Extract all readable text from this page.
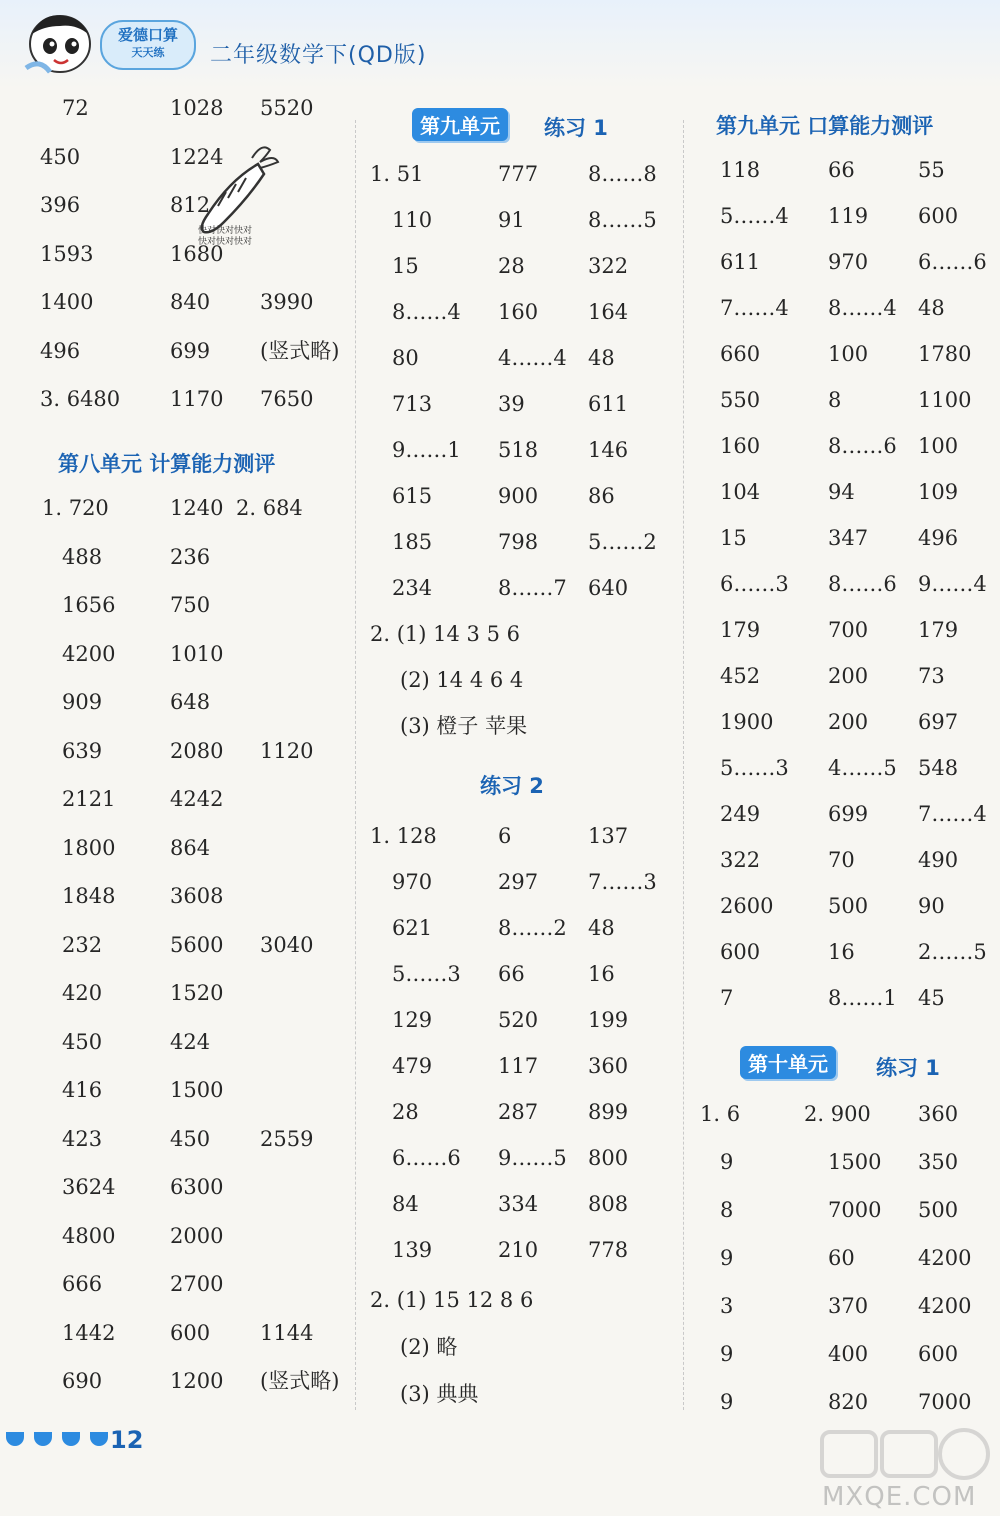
爱德口算
天天练	二年级数学下(QD版)
72	1028 5520
450	1224
396	812
1593	1680
1400	840 3990
496	699 (竖式略)
3. 6480 1170 7650
快对快对快对
快对快对快对
第八单元 计算能力测评
1. 720	1240 2. 684
488	236
1656	750
4200	1010
909	648
639	2080 1120
2121	4242
1800	864
1848	3608
232	5600 3040
420	1520
450	424
416	1500
423	450 2559
3624	6300
4800	2000
666	2700
1442	600 1144
690	1200 (竖式略)
第九单元	练习 1
1. 51	777 8……8
110	91	8……5
15	28	322
8……4 160 164
80	4……4 48
713	39	611
9……1 518 146
615	900 86
185	798 5……2
234	8……7 640
2. (1) 14 3 5 6
(2) 14 4 6 4
(3) 橙子 苹果
练习 2
1. 128	6	137
970	297 7……3
621	8……2 48
5……3 66	16
129	520 199
479	117 360
28	287 899
6……6 9……5 800
84	334 808
139	210 778
2. (1) 15 12 8 6
(2) 略
(3) 典典
第九单元 口算能力测评
118	66	55
5……4 119 600
611	970 6……6
7……4 8……4 48
660	100 1780
550	8	1100
160	8……6 100
104	94	109
15	347 496
6……3 8……6 9……4
179	700 179
452	200 73
1900	200 697
5……3 4……5 548
249	699 7……4
322	70	490
2600	500 90
600	16	2……5
7	8……1 45
第十单元	练习 1
1. 6	2. 900 360
9	1500 350
8	7000 500
9	60	4200
3	370 4200
9	400 600
9	820 7000
12
MXQE.COM
